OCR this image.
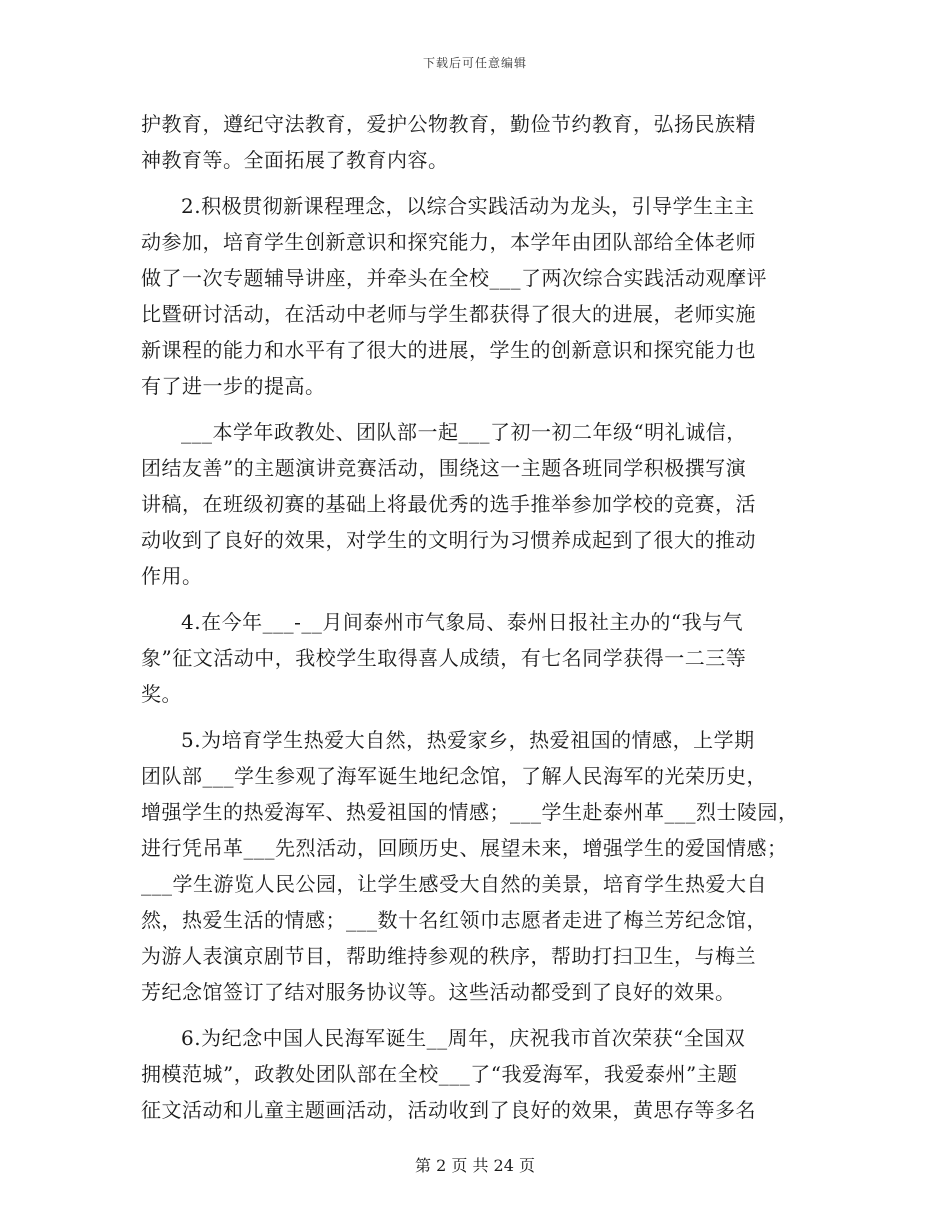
下载后可任意编辑
护教育，遵纪守法教育，爱护公物教育，勤俭节约教育，弘扬民族精
神教育等。全面拓展了教育内容。
2.积极贯彻新课程理念，以综合实践活动为龙头，引导学生主主
动参加，培育学生创新意识和探究能力，本学年由团队部给全体老师
做了一次专题辅导讲座，并牵头在全校___了两次综合实践活动观摩评
比暨研讨活动，在活动中老师与学生都获得了很大的进展，老师实施
新课程的能力和水平有了很大的进展，学生的创新意识和探究能力也
有了进一步的提高。
___本学年政教处、团队部一起___了初一初二年级“明礼诚信，
团结友善”的主题演讲竞赛活动，围绕这一主题各班同学积极撰写演
讲稿，在班级初赛的基础上将最优秀的选手推举参加学校的竞赛，活
动收到了良好的效果，对学生的文明行为习惯养成起到了很大的推动
作用。
4.在今年___-__月间泰州市气象局、泰州日报社主办的“我与气
象”征文活动中，我校学生取得喜人成绩，有七名同学获得一二三等
奖。
5.为培育学生热爱大自然，热爱家乡，热爱祖国的情感，上学期
团队部___学生参观了海军诞生地纪念馆，了解人民海军的光荣历史，
增强学生的热爱海军、热爱祖国的情感；___学生赴泰州革___烈士陵园，
进行凭吊革___先烈活动，回顾历史、展望未来，增强学生的爱国情感；
___学生游览人民公园，让学生感受大自然的美景，培育学生热爱大自
然，热爱生活的情感；___数十名红领巾志愿者走进了梅兰芳纪念馆，
为游人表演京剧节目，帮助维持参观的秩序，帮助打扫卫生，与梅兰
芳纪念馆签订了结对服务协议等。这些活动都受到了良好的效果。
6.为纪念中国人民海军诞生__周年，庆祝我市首次荣获“全国双
拥模范城”，政教处团队部在全校___了“我爱海军，我爱泰州”主题
征文活动和儿童主题画活动，活动收到了良好的效果，黄思存等多名
第 2 页 共 24 页
